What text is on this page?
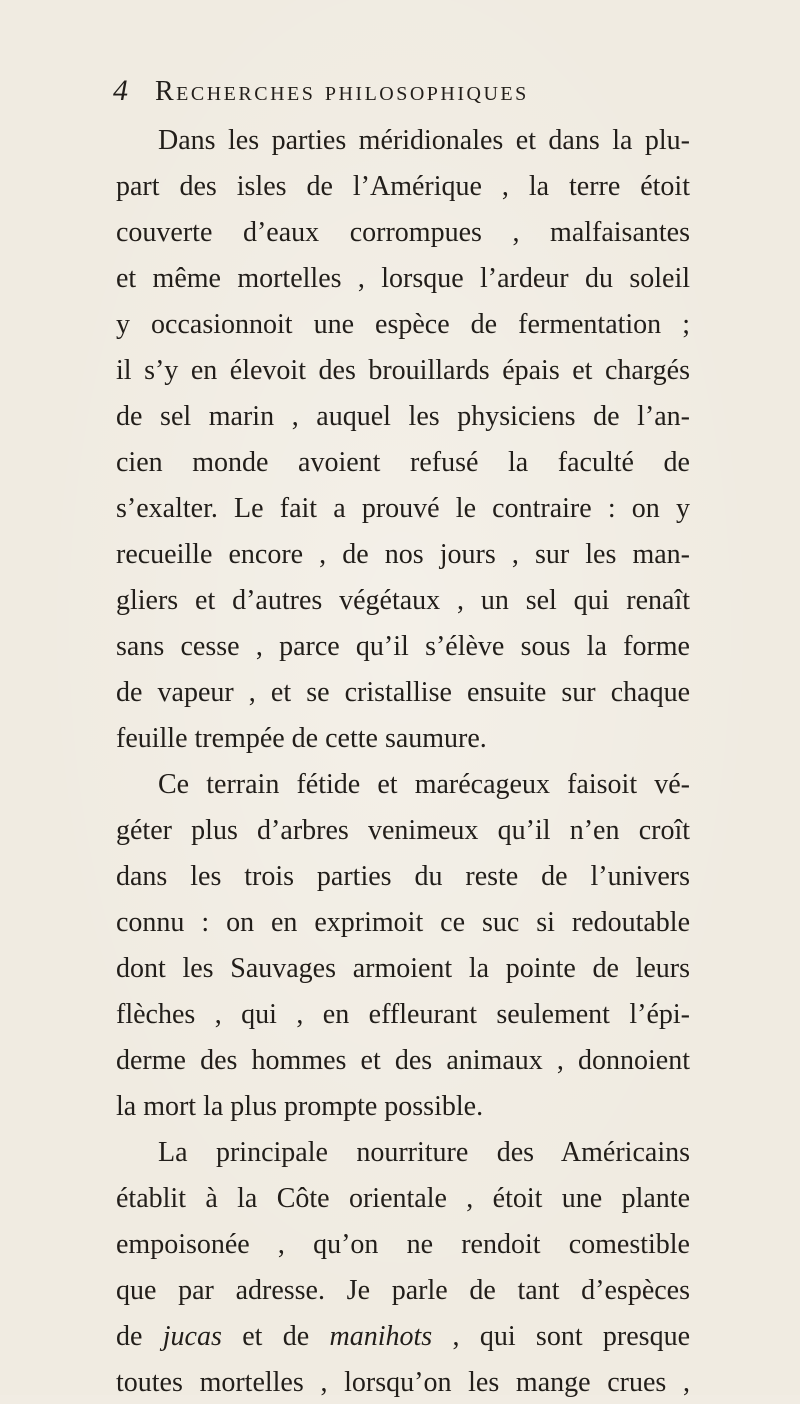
4 Recherches philosophiques
Dans les parties méridionales et dans la plu-
part des isles de l’Amérique , la terre étoit
couverte d’eaux corrompues , malfaisantes
et même mortelles , lorsque l’ardeur du soleil
y occasionnoit une espèce de fermentation ;
il s’y en élevoit des brouillards épais et chargés
de sel marin , auquel les physiciens de l’an-
cien monde avoient refusé la faculté de
s’exalter. Le fait a prouvé le contraire : on y
recueille encore , de nos jours , sur les man-
gliers et d’autres végétaux , un sel qui renaît
sans cesse , parce qu’il s’élève sous la forme
de vapeur , et se cristallise ensuite sur chaque
feuille trempée de cette saumure.
Ce terrain fétide et marécageux faisoit vé-
géter plus d’arbres venimeux qu’il n’en croît
dans les trois parties du reste de l’univers
connu : on en exprimoit ce suc si redoutable
dont les Sauvages armoient la pointe de leurs
flèches , qui , en effleurant seulement l’épi-
derme des hommes et des animaux , donnoient
la mort la plus prompte possible.
La principale nourriture des Américains
établit à la Côte orientale , étoit une plante
empoisonée , qu’on ne rendoit comestible
que par adresse. Je parle de tant d’espèces
de jucas et de manihots , qui sont presque
toutes mortelles , lorsqu’on les mange crues ,
